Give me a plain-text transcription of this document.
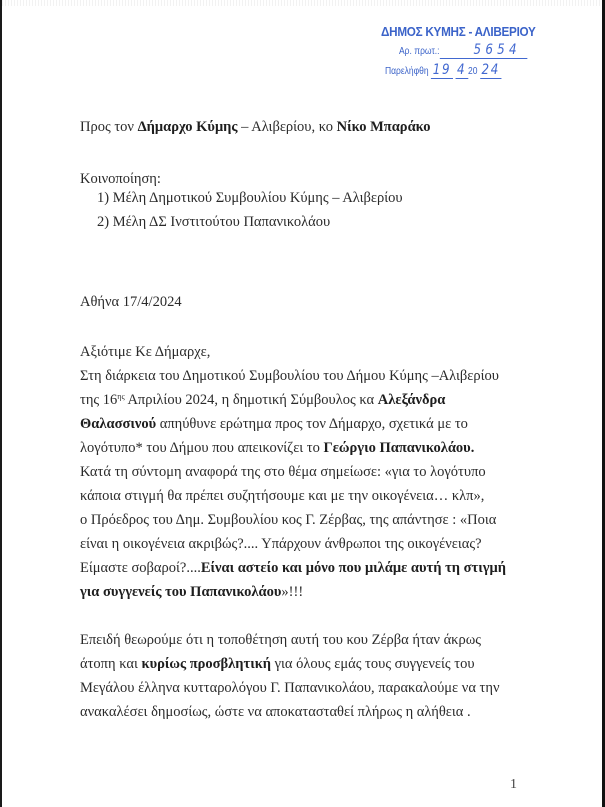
ΔΗΜΟΣ ΚΥΜΗΣ - ΑΛΙΒΕΡΙΟΥ
Αρ. πρωτ.: 5654
Παρελήφθη 19 4 20 24
Προς τον Δήμαρχο Κύμης – Αλιβερίου, κο Νίκο Μπαράκο
Κοινοποίηση:
1) Μέλη Δημοτικού Συμβουλίου Κύμης – Αλιβερίου
2) Μέλη ΔΣ Ινστιτούτου Παπανικολάου
Αθήνα 17/4/2024
Αξιότιμε Κε Δήμαρχε,
Στη διάρκεια του Δημοτικού Συμβουλίου του Δήμου Κύμης –Αλιβερίου
της $16^{\eta\varsigma}$ Απριλίου 2024, η δημοτική Σύμβουλος κα Αλεξάνδρα
Θαλασσινού απηύθυνε ερώτημα προς τον Δήμαρχο, σχετικά με το
λογότυπο* του Δήμου που απεικονίζει το Γεώργιο Παπανικολάου.
Κατά τη σύντομη αναφορά της στο θέμα σημείωσε: «για το λογότυπο
κάποια στιγμή θα πρέπει συζητήσουμε και με την οικογένεια… κλπ»,
ο Πρόεδρος του Δημ. Συμβουλίου κος Γ. Ζέρβας, της απάντησε : «Ποια
είναι η οικογένεια ακριβώς?.... Υπάρχουν άνθρωποι της οικογένειας?
Είμαστε σοβαροί?....Είναι αστείο και μόνο που μιλάμε αυτή τη στιγμή
για συγγενείς του Παπανικολάου»!!!
Επειδή θεωρούμε ότι η τοποθέτηση αυτή του κου Ζέρβα ήταν άκρως
άτοπη και κυρίως προσβλητική για όλους εμάς τους συγγενείς του
Μεγάλου έλληνα κυτταρολόγου Γ. Παπανικολάου, παρακαλούμε να την
ανακαλέσει δημοσίως, ώστε να αποκατασταθεί πλήρως η αλήθεια .
1
